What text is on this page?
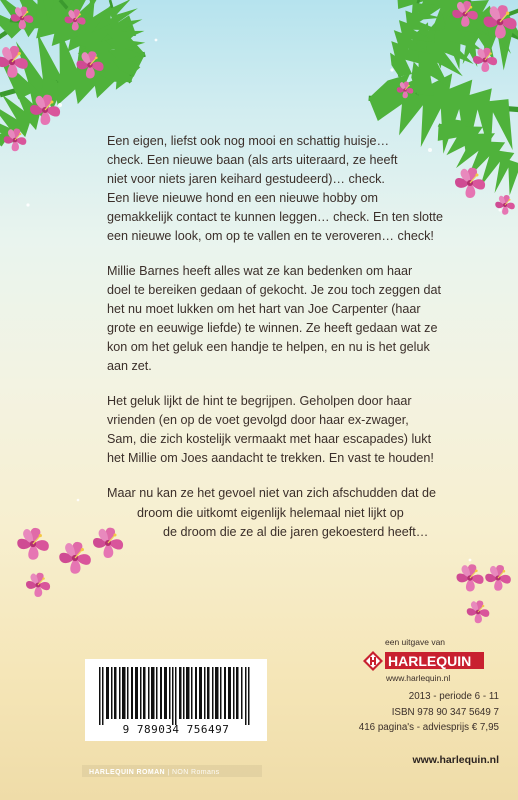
Een eigen, liefst ook nog mooi en schattig huisje…
check. Een nieuwe baan (als arts uiteraard, ze heeft
niet voor niets jaren keihard gestudeerd)… check.
Een lieve nieuwe hond en een nieuwe hobby om
gemakkelijk contact te kunnen leggen… check. En ten slotte
een nieuwe look, om op te vallen en te veroveren… check!
Millie Barnes heeft alles wat ze kan bedenken om haar
doel te bereiken gedaan of gekocht. Je zou toch zeggen dat
het nu moet lukken om het hart van Joe Carpenter (haar
grote en eeuwige liefde) te winnen. Ze heeft gedaan wat ze
kon om het geluk een handje te helpen, en nu is het geluk
aan zet.
Het geluk lijkt de hint te begrijpen. Geholpen door haar
vrienden (en op de voet gevolgd door haar ex-zwager,
Sam, die zich kostelijk vermaakt met haar escapades) lukt
het Millie om Joes aandacht te trekken. En vast te houden!
Maar nu kan ze het gevoel niet van zich afschudden dat de
droom die uitkomt eigenlijk helemaal niet lijkt op
de droom die ze al die jaren gekoesterd heeft…
een uitgave van
HARLEQUIN
www.harlequin.nl
2013 - periode 6 - 11
ISBN 978 90 347 5649 7
416 pagina's - adviesprijs € 7,95
www.harlequin.nl
9 789034 756497
HARLEQUIN ROMAN | NON Romans
